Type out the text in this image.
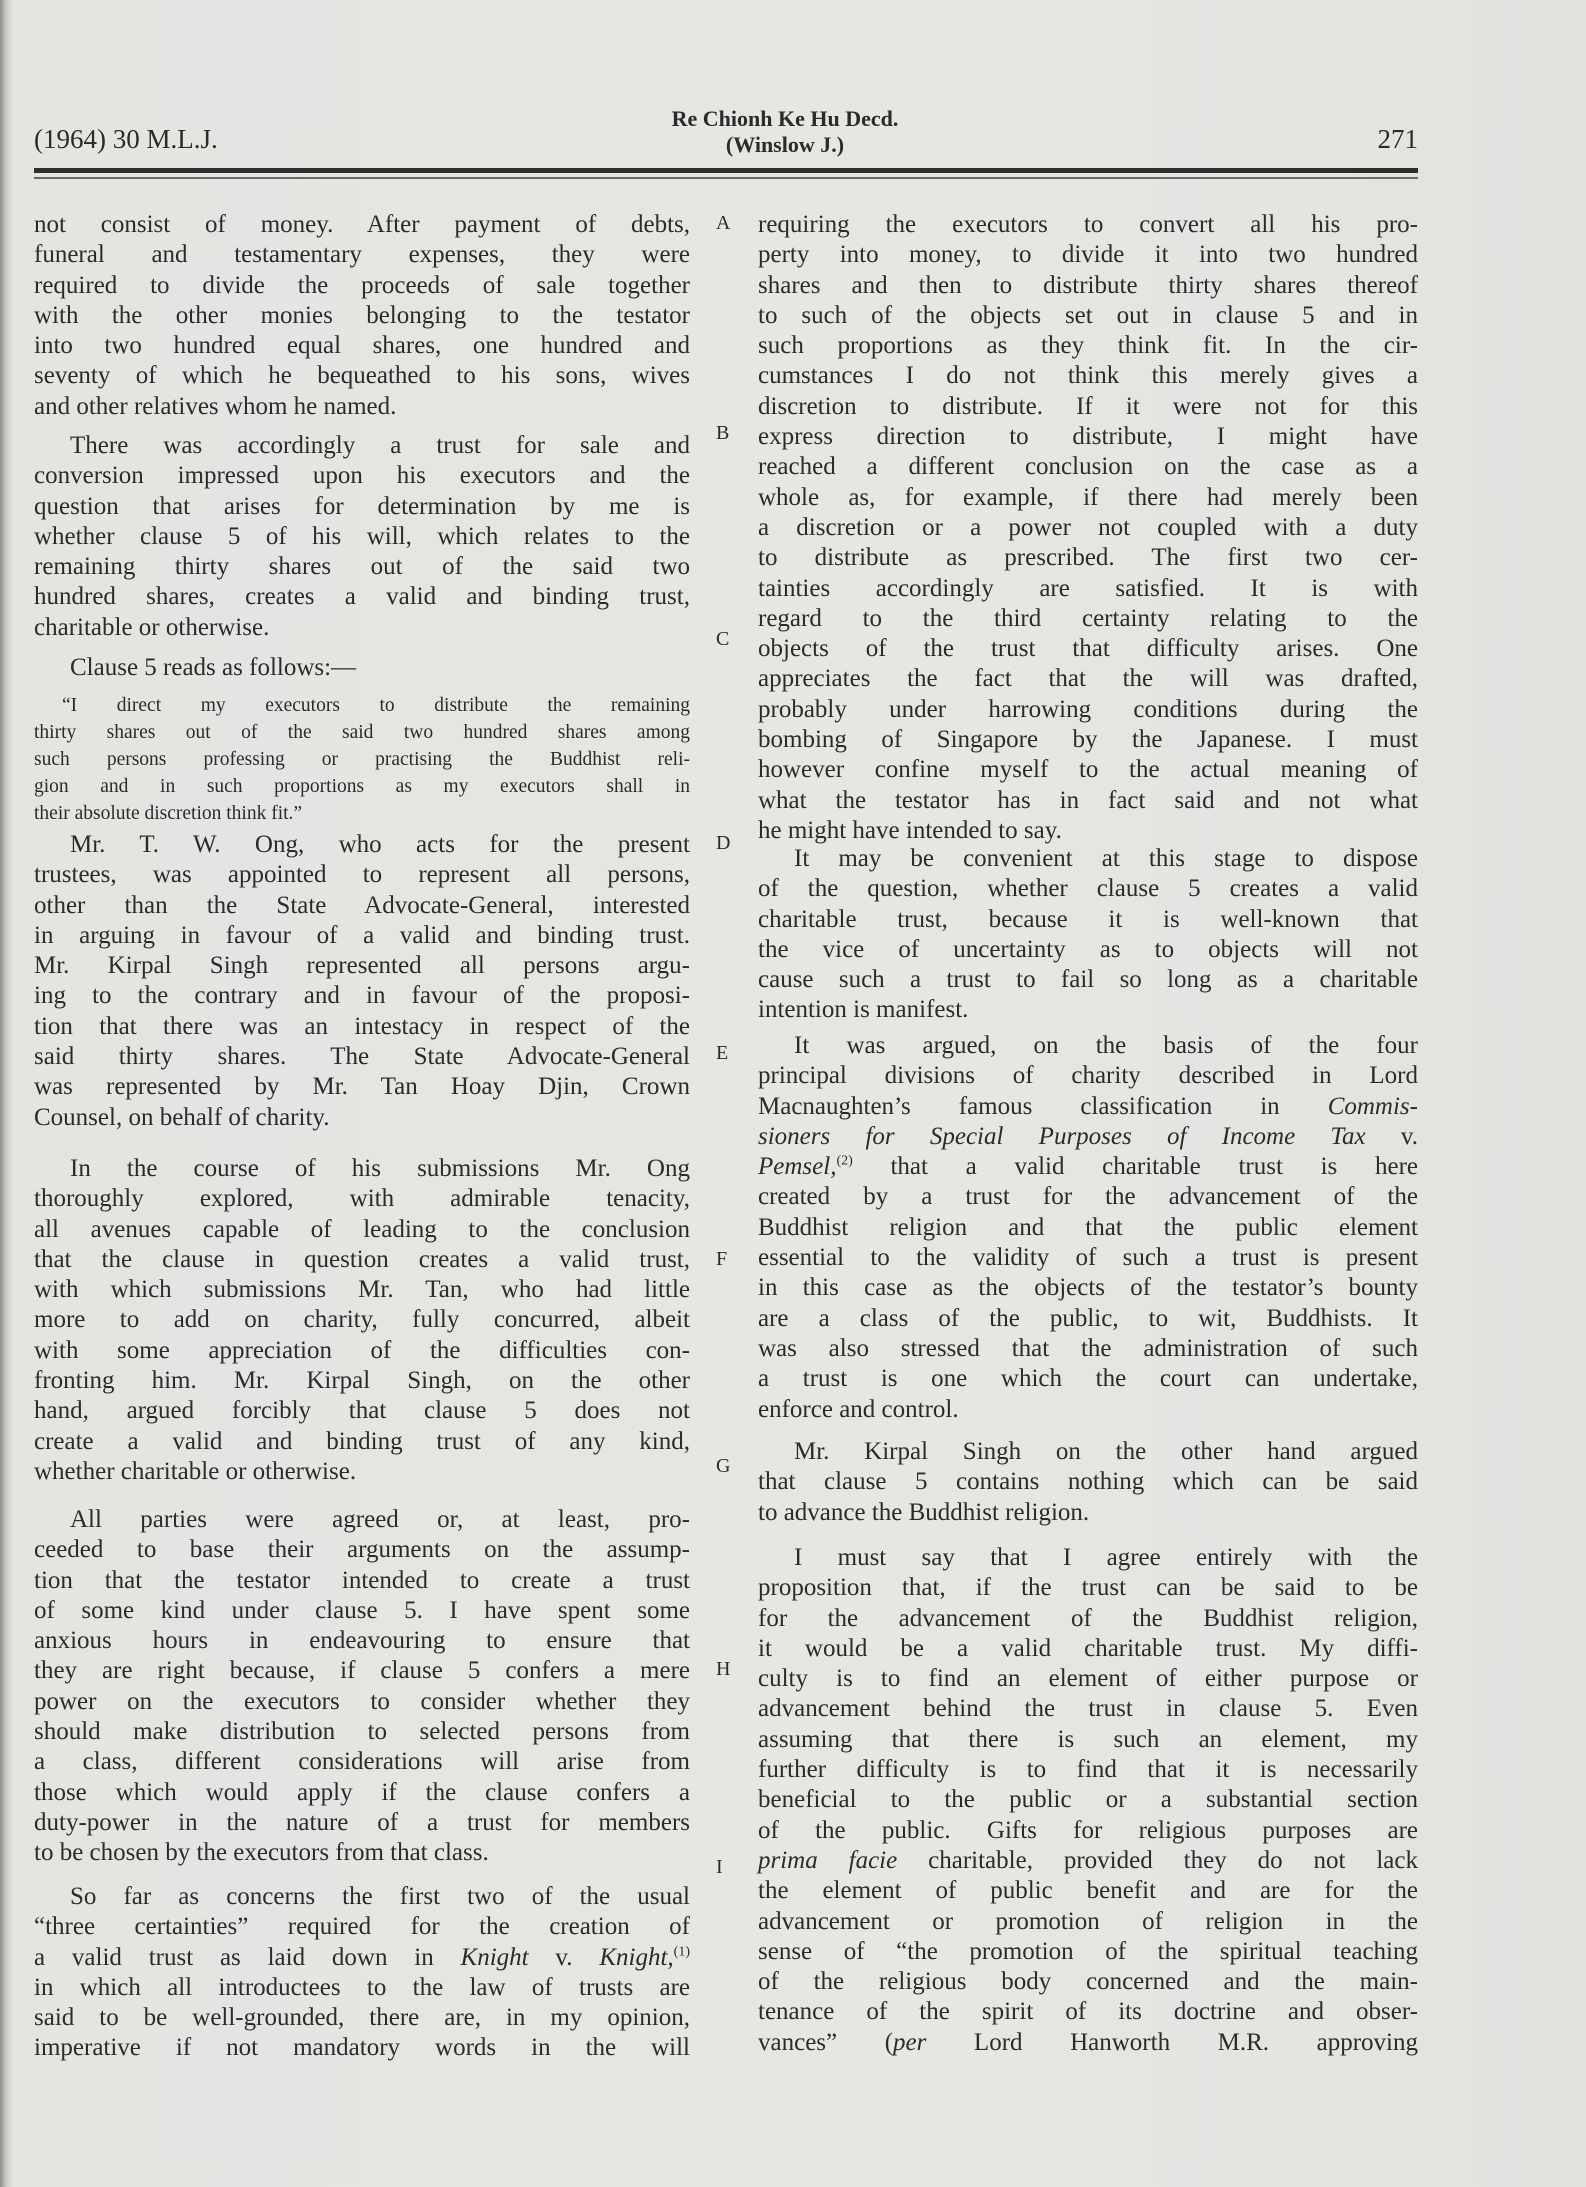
(1964) 30 M.L.J.
Re Chionh Ke Hu Decd.
(Winslow J.)	271
not consist of money. After payment of debts,
funeral and testamentary expenses, they were
required to divide the proceeds of sale together
with the other monies belonging to the testator
into two hundred equal shares, one hundred and
seventy of which he bequeathed to his sons, wives
and other relatives whom he named.
There was accordingly a trust for sale and
conversion impressed upon his executors and the
question that arises for determination by me is
whether clause 5 of his will, which relates to the
remaining thirty shares out of the said two
hundred shares, creates a valid and binding trust,
charitable or otherwise.
Clause 5 reads as follows:—
“I direct my executors to distribute the remaining
thirty shares out of the said two hundred shares among
such persons professing or practising the Buddhist reli-
gion and in such proportions as my executors shall in
their absolute discretion think fit.”
Mr. T. W. Ong, who acts for the present
trustees, was appointed to represent all persons,
other than the State Advocate-General, interested
in arguing in favour of a valid and binding trust.
Mr. Kirpal Singh represented all persons argu-
ing to the contrary and in favour of the proposi-
tion that there was an intestacy in respect of the
said thirty shares. The State Advocate-General
was represented by Mr. Tan Hoay Djin, Crown
Counsel, on behalf of charity.
In the course of his submissions Mr. Ong
thoroughly explored, with admirable tenacity,
all avenues capable of leading to the conclusion
that the clause in question creates a valid trust,
with which submissions Mr. Tan, who had little
more to add on charity, fully concurred, albeit
with some appreciation of the difficulties con-
fronting him. Mr. Kirpal Singh, on the other
hand, argued forcibly that clause 5 does not
create a valid and binding trust of any kind,
whether charitable or otherwise.
All parties were agreed or, at least, pro-
ceeded to base their arguments on the assump-
tion that the testator intended to create a trust
of some kind under clause 5. I have spent some
anxious hours in endeavouring to ensure that
they are right because, if clause 5 confers a mere
power on the executors to consider whether they
should make distribution to selected persons from
a class, different considerations will arise from
those which would apply if the clause confers a
duty-power in the nature of a trust for members
to be chosen by the executors from that class.
So far as concerns the first two of the usual
“three certainties” required for the creation of
a valid trust as laid down in Knight v. Knight,$^{(1)}$
in which all introductees to the law of trusts are
said to be well-grounded, there are, in my opinion,
imperative if not mandatory words in the will
requiring the executors to convert all his pro-
perty into money, to divide it into two hundred
shares and then to distribute thirty shares thereof
to such of the objects set out in clause 5 and in
such proportions as they think fit. In the cir-
cumstances I do not think this merely gives a
discretion to distribute. If it were not for this
express direction to distribute, I might have
reached a different conclusion on the case as a
whole as, for example, if there had merely been
a discretion or a power not coupled with a duty
to distribute as prescribed. The first two cer-
tainties accordingly are satisfied. It is with
regard to the third certainty relating to the
objects of the trust that difficulty arises. One
appreciates the fact that the will was drafted,
probably under harrowing conditions during the
bombing of Singapore by the Japanese. I must
however confine myself to the actual meaning of
what the testator has in fact said and not what
he might have intended to say.
It may be convenient at this stage to dispose
of the question, whether clause 5 creates a valid
charitable trust, because it is well-known that
the vice of uncertainty as to objects will not
cause such a trust to fail so long as a charitable
intention is manifest.
It was argued, on the basis of the four
principal divisions of charity described in Lord
Macnaughten’s famous classification in Commis-
sioners for Special Purposes of Income Tax v.
Pemsel,$^{(2)}$ that a valid charitable trust is here
created by a trust for the advancement of the
Buddhist religion and that the public element
essential to the validity of such a trust is present
in this case as the objects of the testator’s bounty
are a class of the public, to wit, Buddhists. It
was also stressed that the administration of such
a trust is one which the court can undertake,
enforce and control.
Mr. Kirpal Singh on the other hand argued
that clause 5 contains nothing which can be said
to advance the Buddhist religion.
I must say that I agree entirely with the
proposition that, if the trust can be said to be
for the advancement of the Buddhist religion,
it would be a valid charitable trust. My diffi-
culty is to find an element of either purpose or
advancement behind the trust in clause 5. Even
assuming that there is such an element, my
further difficulty is to find that it is necessarily
beneficial to the public or a substantial section
of the public. Gifts for religious purposes are
prima facie charitable, provided they do not lack
the element of public benefit and are for the
advancement or promotion of religion in the
sense of “the promotion of the spiritual teaching
of the religious body concerned and the main-
tenance of the spirit of its doctrine and obser-
vances” (per Lord Hanworth M.R. approving
A
B
C
D
E
F
G
H
I
